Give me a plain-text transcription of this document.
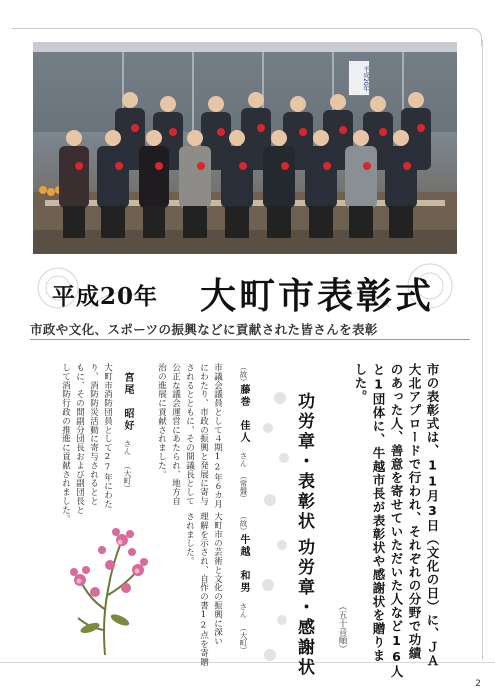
平成20年
平成20年 大町市表彰式
市政や文化、スポーツの振興などに貢献された皆さんを表彰
市の表彰式は、11月3日（文化の日）に、ＪＡ
大北アプロードで行われ、それぞれの分野で功績
のあった人、善意を寄せていただいた人など16人
と1団体に、牛越市長が表彰状や感謝状を贈りま
した。
（五十音順）
功労章・表彰状
功労章・感謝状
（故）
藤巻　佳人
さん
（常盤）
市議会議員として４期12年６カ月
にわたり、市政の振興と発展に寄与
されるとともに、その間議長として
公正な議会運営にあたられ、地方自
治の進展に貢献されました。
（故）
牛越　和男
さん
（大町）
大町市の芸術と文化の振興に深い
理解を示され、自作の書12点を寄贈
されました。
宮尾　昭好
さん
（大町）
大町市消防団員として27年にわた
り、消防防災活動に寄与されるとと
もに、その間副分団長および副団長と
して消防行政の推進に貢献されました。
2
